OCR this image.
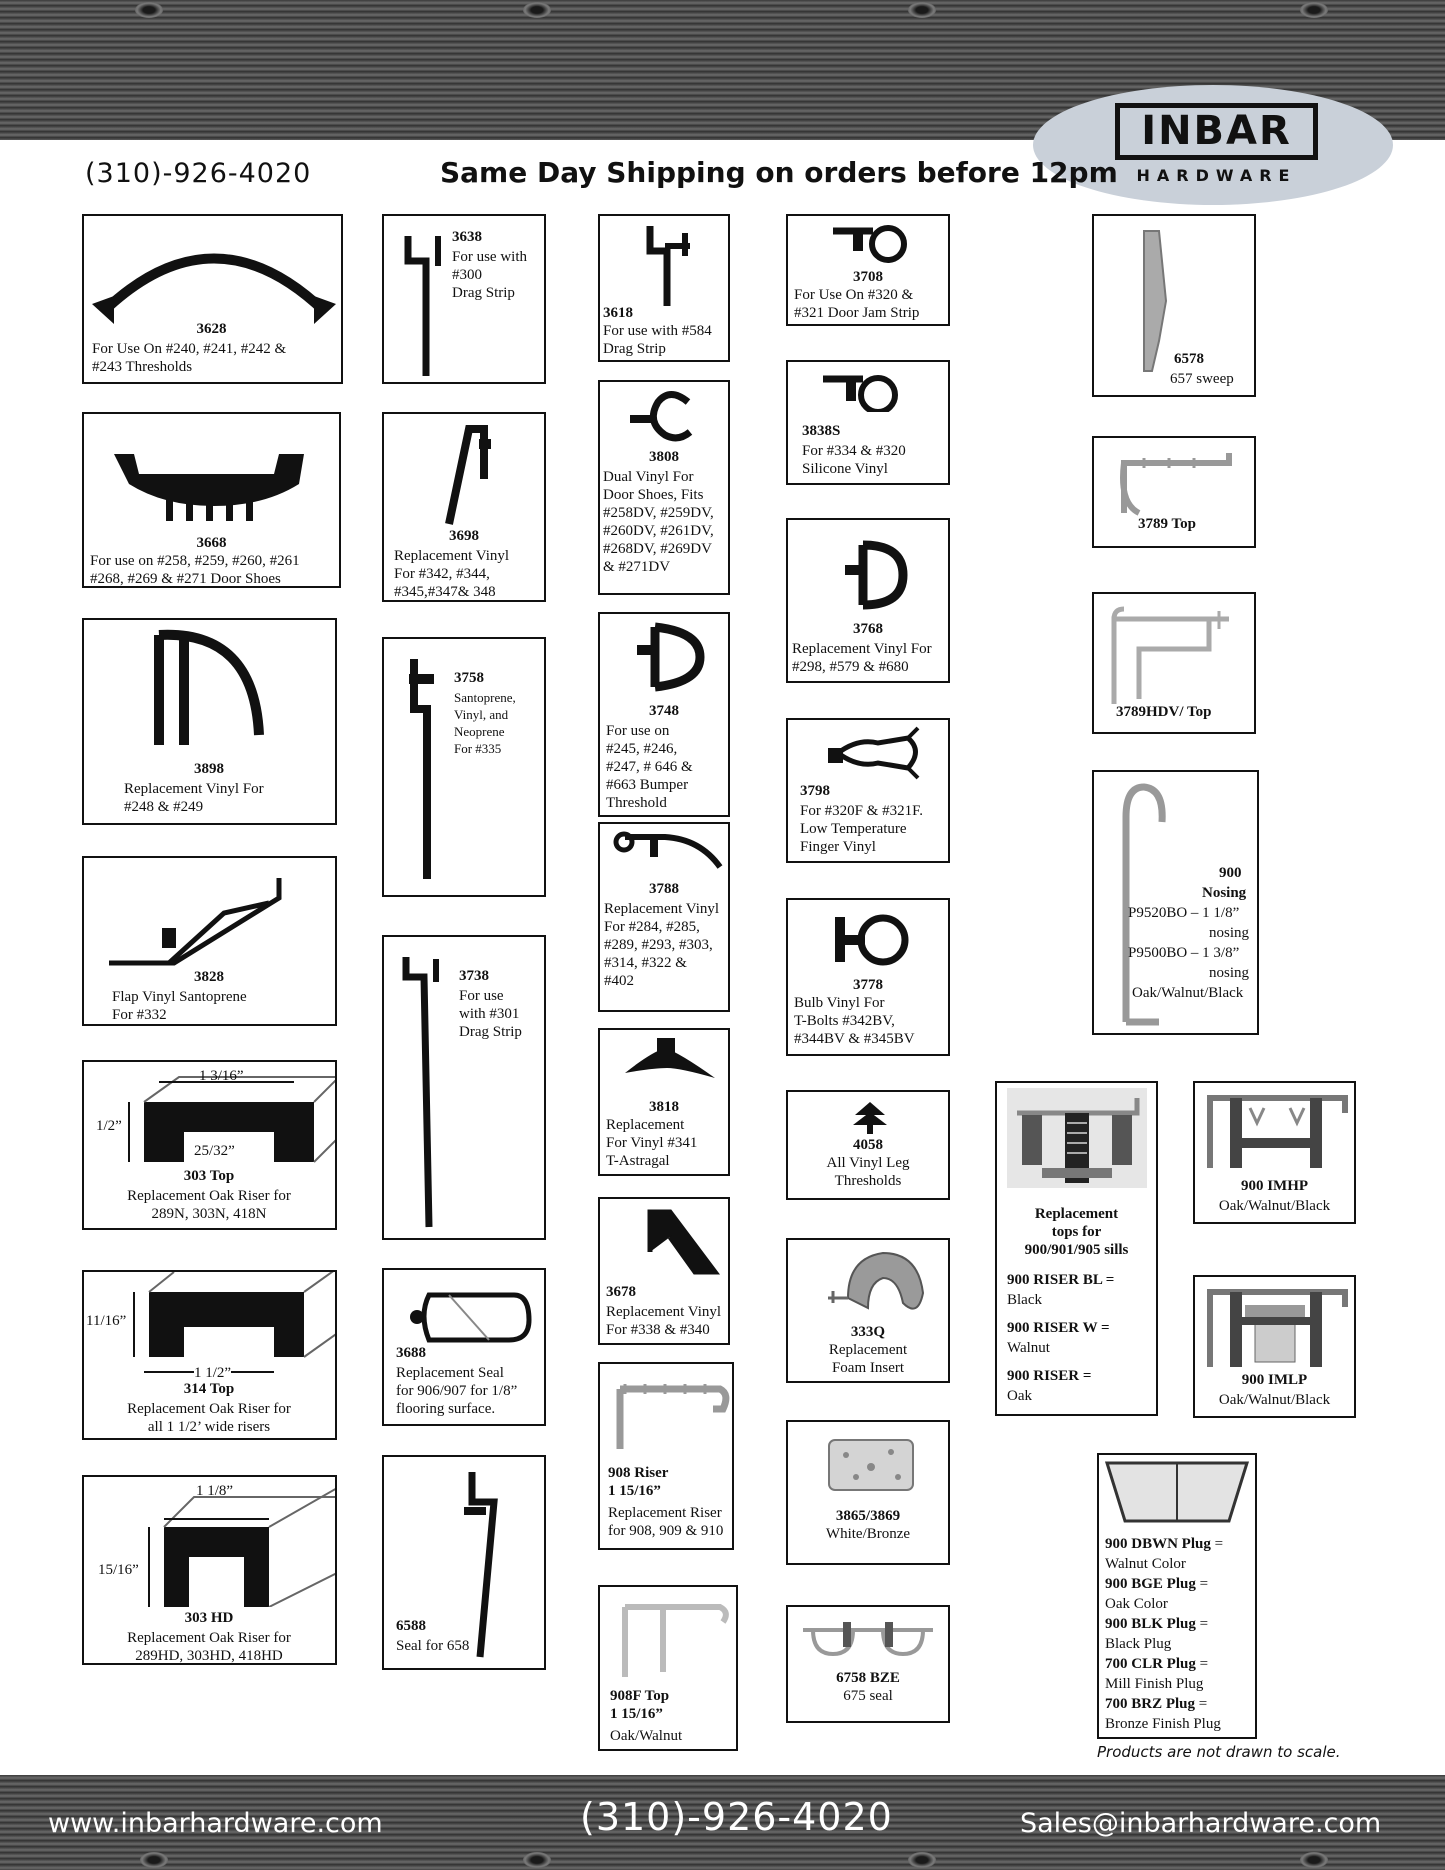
INBAR
HARDWARE
(310)-926-4020	Same Day Shipping on orders before 12pm
3628
For Use On #240, #241, #242 &
#243 Thresholds
3668
For use on #258, #259, #260, #261
#268, #269 & #271 Door Shoes
3898
Replacement Vinyl For
#248 & #249
3828
Flap Vinyl Santoprene
For #332
1 3/16”
1/2”
25/32”
303 Top
Replacement Oak Riser for
289N, 303N, 418N
11/16”
1 1/2”
314 Top
Replacement Oak Riser for
all 1 1/2’ wide risers
1 1/8”
15/16”
303 HD
Replacement Oak Riser for
289HD, 303HD, 418HD
3638
For use with
#300
Drag Strip
3698
Replacement Vinyl
For #342, #344,
#345,#347& 348
3758
Santoprene,
Vinyl, and
Neoprene
For #335
3738
For use
with #301
Drag Strip
3688
Replacement Seal
for 906/907 for 1/8”
flooring surface.
6588
Seal for 658
3618
For use with #584
Drag Strip
3808
Dual Vinyl For
Door Shoes, Fits
#258DV, #259DV,
#260DV, #261DV,
#268DV, #269DV
& #271DV
3748
For use on
#245, #246,
#247, # 646 &
#663 Bumper
Threshold
3788
Replacement Vinyl
For #284, #285,
#289, #293, #303,
#314, #322 &
#402
3818
Replacement
For Vinyl #341
T-Astragal
3678
Replacement Vinyl
For #338 & #340
908 Riser
1 15/16”
Replacement Riser
for 908, 909 & 910
908F Top
1 15/16”
Oak/Walnut
3708
For Use On #320 &
#321 Door Jam Strip
3838S
For #334 & #320
Silicone Vinyl
3768
Replacement Vinyl For
#298, #579 & #680
3798
For #320F & #321F.
Low Temperature
Finger Vinyl
3778
Bulb Vinyl For
T-Bolts #342BV,
#344BV & #345BV
4058
All Vinyl Leg
Thresholds
333Q
Replacement
Foam Insert
3865/3869
White/Bronze
6758 BZE
675 seal
6578
657 sweep
3789 Top
3789HDV/ Top
900
Nosing
P9520BO – 1 1/8”
nosing
P9500BO – 1 3/8”
nosing
Oak/Walnut/Black
Replacement
tops for
900/901/905 sills
900 RISER BL =
Black
900 RISER W =
Walnut
900 RISER =
Oak
900 IMHP
Oak/Walnut/Black
900 IMLP
Oak/Walnut/Black
900 DBWN Plug =
Walnut Color
900 BGE Plug =
Oak Color
900 BLK Plug =
Black Plug
700 CLR Plug =
Mill Finish Plug
700 BRZ Plug =
Bronze Finish Plug
Products are not drawn to scale.
www.inbarhardware.com	(310)-926-4020	Sales@inbarhardware.com
